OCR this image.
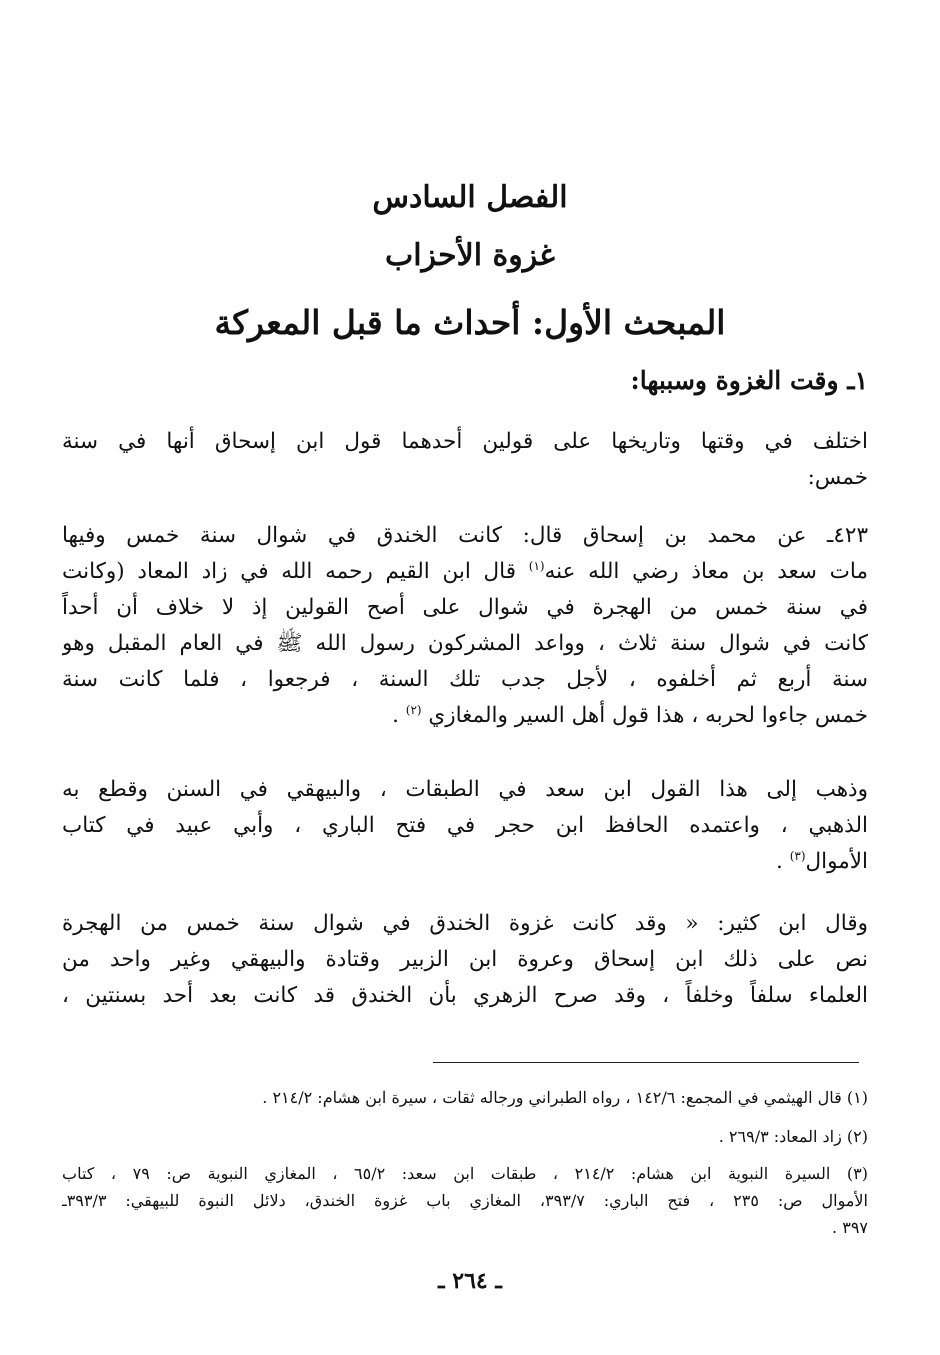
الفصل السادس
غزوة الأحزاب
المبحث الأول: أحداث ما قبل المعركة
١ـ وقت الغزوة وسببها:
اختلف في وقتها وتاريخها على قولين أحدهما قول ابن إسحاق أنها في سنة
خمس:
٤٢٣ـ عن محمد بن إسحاق قال: كانت الخندق في شوال سنة خمس وفيها
مات سعد بن معاذ رضي الله عنه$^{(١)}$ قال ابن القيم رحمه الله في زاد المعاد (وكانت
في سنة خمس من الهجرة في شوال على أصح القولين إذ لا خلاف أن أحداً
كانت في شوال سنة ثلاث ، وواعد المشركون رسول الله ﷺ في العام المقبل وهو
سنة أربع ثم أخلفوه ، لأجل جدب تلك السنة ، فرجعوا ، فلما كانت سنة
خمس جاءوا لحربه ، هذا قول أهل السير والمغازي $^{(٢)}$ .
وذهب إلى هذا القول ابن سعد في الطبقات ، والبيهقي في السنن وقطع به
الذهبي ، واعتمده الحافظ ابن حجر في فتح الباري ، وأبي عبيد في كتاب
الأموال$^{(٣)}$ .
وقال ابن كثير: « وقد كانت غزوة الخندق في شوال سنة خمس من الهجرة
نص على ذلك ابن إسحاق وعروة ابن الزبير وقتادة والبيهقي وغير واحد من
العلماء سلفاً وخلفاً ، وقد صرح الزهري بأن الخندق قد كانت بعد أحد بسنتين ،
(١) قال الهيثمي في المجمع: ١٤٢/٦ ، رواه الطبراني ورجاله ثقات ، سيرة ابن هشام: ٢١٤/٢ .
(٢) زاد المعاد: ٢٦٩/٣ .
(٣) السيرة النبوية ابن هشام: ٢١٤/٢ ، طبقات ابن سعد: ٦٥/٢ ، المغازي النبوية ص: ٧٩ ، كتاب
الأموال ص: ٢٣٥ ، فتح الباري: ٣٩٣/٧، المغازي باب غزوة الخندق، دلائل النبوة للبيهقي: ٣٩٣/٣ـ
٣٩٧ .
ـ ٢٦٤ ـ
